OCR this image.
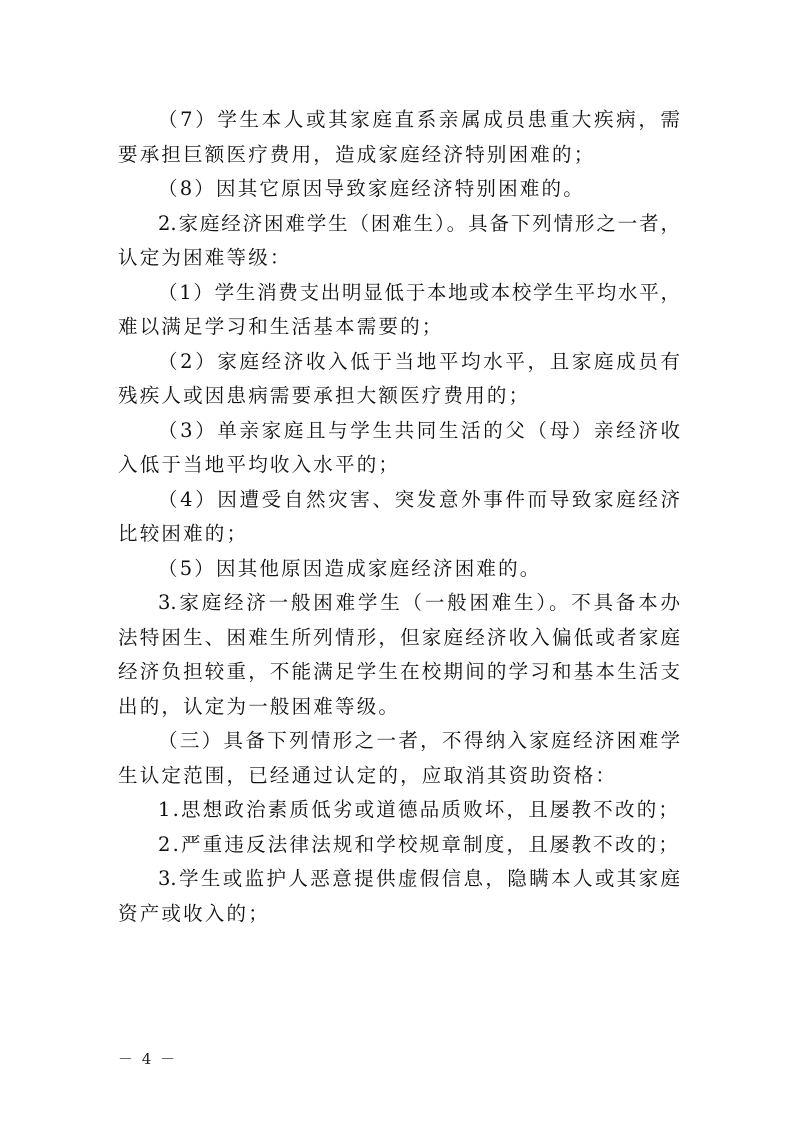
（7）学生本人或其家庭直系亲属成员患重大疾病，需
要承担巨额医疗费用，造成家庭经济特别困难的；
（8）因其它原因导致家庭经济特别困难的。
2.家庭经济困难学生（困难生）。具备下列情形之一者，
认定为困难等级：
（1）学生消费支出明显低于本地或本校学生平均水平，
难以满足学习和生活基本需要的；
（2）家庭经济收入低于当地平均水平，且家庭成员有
残疾人或因患病需要承担大额医疗费用的；
（3）单亲家庭且与学生共同生活的父（母）亲经济收
入低于当地平均收入水平的；
（4）因遭受自然灾害、突发意外事件而导致家庭经济
比较困难的；
（5）因其他原因造成家庭经济困难的。
3.家庭经济一般困难学生（一般困难生）。不具备本办
法特困生、困难生所列情形，但家庭经济收入偏低或者家庭
经济负担较重，不能满足学生在校期间的学习和基本生活支
出的，认定为一般困难等级。
（三）具备下列情形之一者，不得纳入家庭经济困难学
生认定范围，已经通过认定的，应取消其资助资格：
1.思想政治素质低劣或道德品质败坏，且屡教不改的；
2.严重违反法律法规和学校规章制度，且屡教不改的；
3.学生或监护人恶意提供虚假信息，隐瞒本人或其家庭
资产或收入的；
－ 4 －
